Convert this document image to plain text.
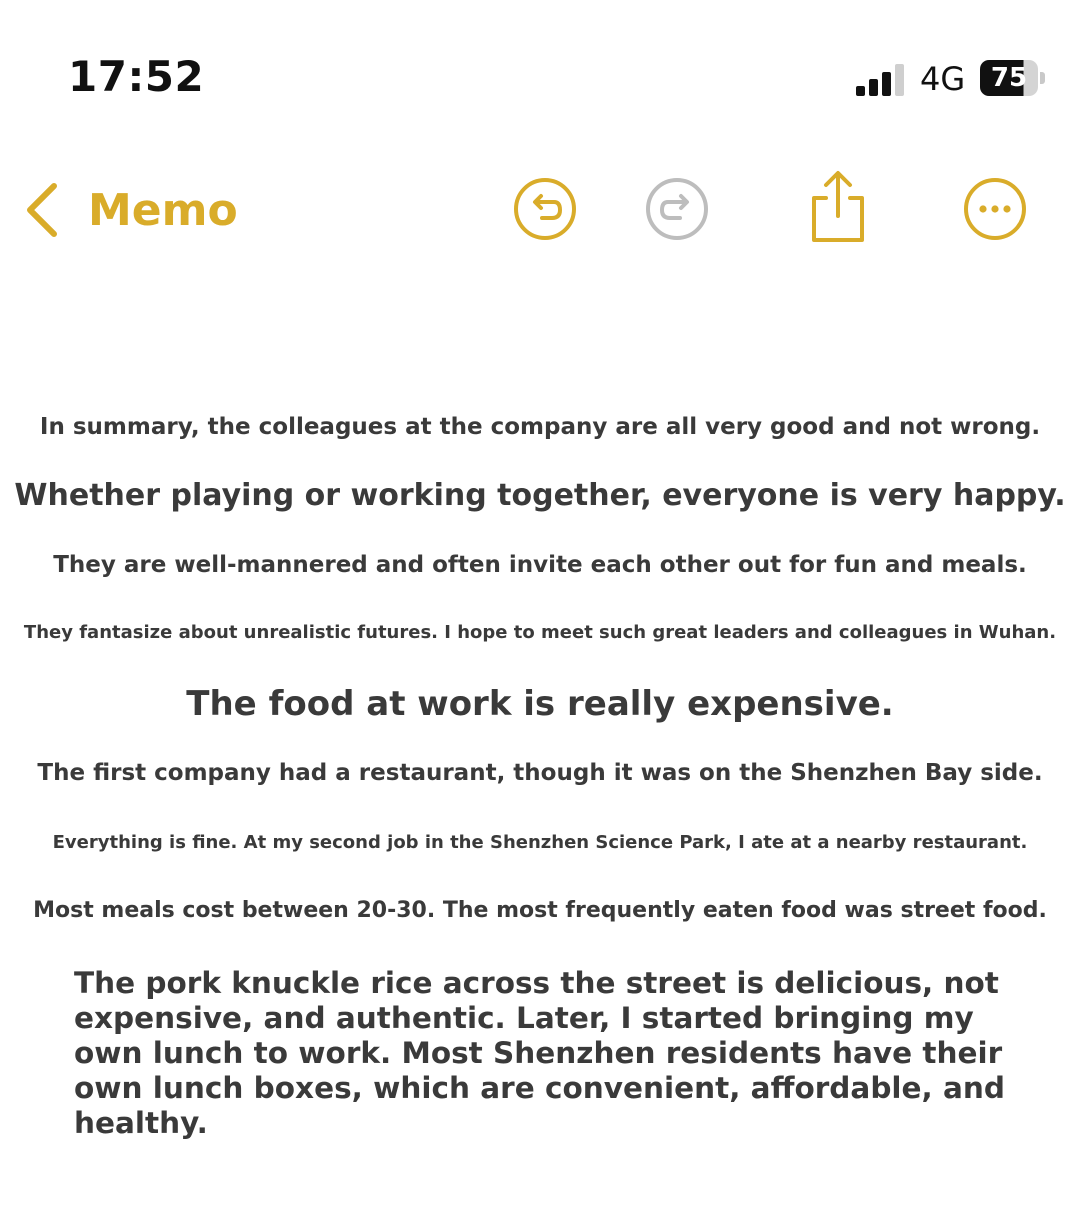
17:52	4G 75
Memo
In summary, the colleagues at the company are all very good and not wrong.
Whether playing or working together, everyone is very happy.
They are well-mannered and often invite each other out for fun and meals.
They fantasize about unrealistic futures. I hope to meet such great leaders and colleagues in Wuhan.
The food at work is really expensive.
The first company had a restaurant, though it was on the Shenzhen Bay side.
Everything is fine. At my second job in the Shenzhen Science Park, I ate at a nearby restaurant.
Most meals cost between 20-30. The most frequently eaten food was street food.
The pork knuckle rice across the street is delicious, not expensive, and authentic. Later, I started bringing my own lunch to work. Most Shenzhen residents have their own lunch boxes, which are convenient, affordable, and healthy.
